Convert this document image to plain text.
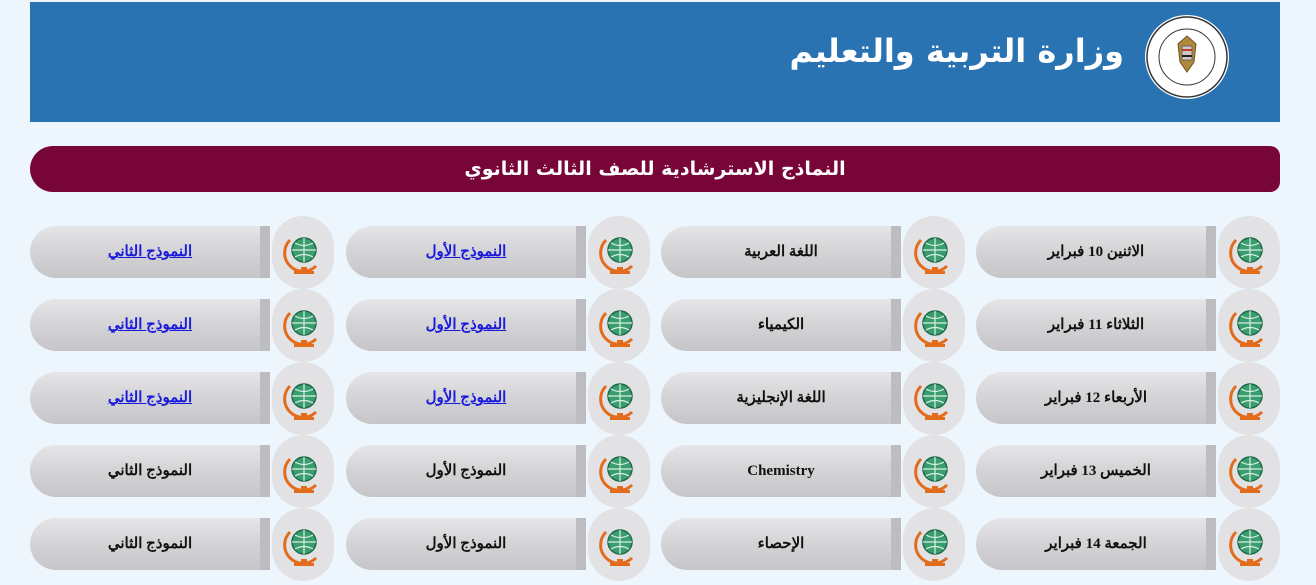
وزارة التربية والتعليم
النماذج الاسترشادية للصف الثالث الثانوي
الاثنين 10 فبراير
اللغة العربية
النموذج الأول
النموذج الثاني
الثلاثاء 11 فبراير
الكيمياء
النموذج الأول
النموذج الثاني
الأربعاء 12 فبراير
اللغة الإنجليزية
النموذج الأول
النموذج الثاني
الخميس 13 فبراير
Chemistry
النموذج الأول
النموذج الثاني
الجمعة 14 فبراير
الإحصاء
النموذج الأول
النموذج الثاني
